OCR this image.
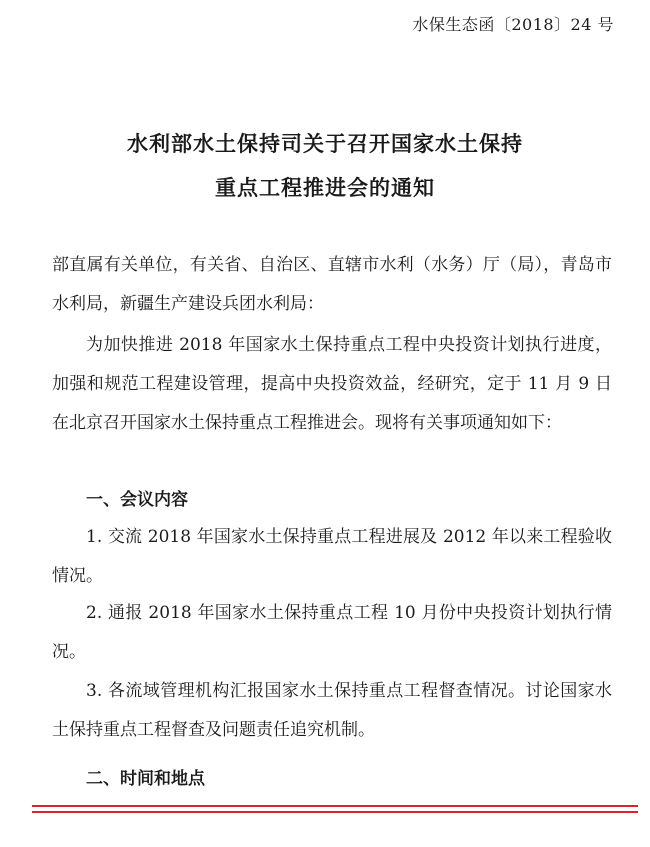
水保生态函〔2018〕24 号
水利部水土保持司关于召开国家水土保持
重点工程推进会的通知

部直属有关单位，有关省、自治区、直辖市水利（水务）厅（局），青岛市水利局，新疆生产建设兵团水利局：

为加快推进 2018 年国家水土保持重点工程中央投资计划执行进度，加强和规范工程建设管理，提高中央投资效益，经研究，定于 11 月 9 日在北京召开国家水土保持重点工程推进会。现将有关事项通知如下：

一、会议内容

1. 交流 2018 年国家水土保持重点工程进展及 2012 年以来工程验收情况。

2. 通报 2018 年国家水土保持重点工程 10 月份中央投资计划执行情况。

3. 各流域管理机构汇报国家水土保持重点工程督查情况。讨论国家水土保持重点工程督查及问题责任追究机制。

二、时间和地点
